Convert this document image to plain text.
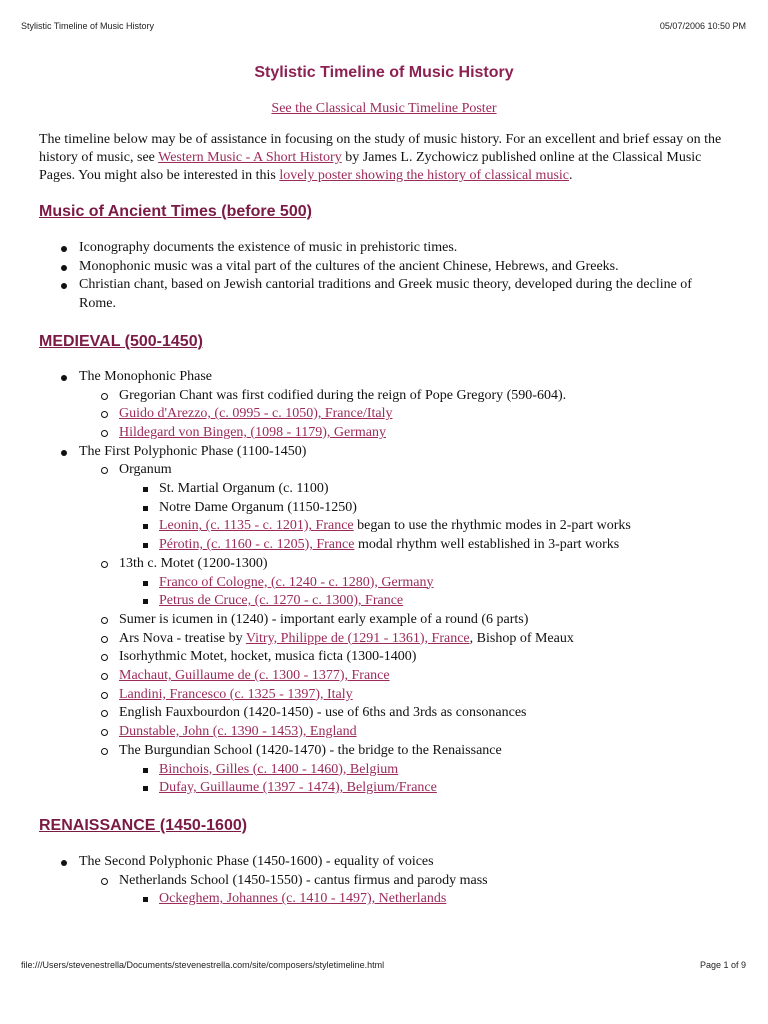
Stylistic Timeline of Music History	05/07/2006 10:50 PM
Stylistic Timeline of Music History
See the Classical Music Timeline Poster

The timeline below may be of assistance in focusing on the study of music history. For an excellent and brief essay on the history of music, see Western Music - A Short History by James L. Zychowicz published online at the Classical Music Pages. You might also be interested in this lovely poster showing the history of classical music.

Music of Ancient Times (before 500)
Iconography documents the existence of music in prehistoric times.
Monophonic music was a vital part of the cultures of the ancient Chinese, Hebrews, and Greeks.
Christian chant, based on Jewish cantorial traditions and Greek music theory, developed during the decline of Rome.
MEDIEVAL (500-1450)
The Monophonic Phase
Gregorian Chant was first codified during the reign of Pope Gregory (590-604).
Guido d'Arezzo, (c. 0995 - c. 1050), France/Italy
Hildegard von Bingen, (1098 - 1179), Germany
The First Polyphonic Phase (1100-1450)
Organum
St. Martial Organum (c. 1100)
Notre Dame Organum (1150-1250)
Leonin, (c. 1135 - c. 1201), France began to use the rhythmic modes in 2-part works
Pérotin, (c. 1160 - c. 1205), France modal rhythm well established in 3-part works
13th c. Motet (1200-1300)
Franco of Cologne, (c. 1240 - c. 1280), Germany
Petrus de Cruce, (c. 1270 - c. 1300), France
Sumer is icumen in (1240) - important early example of a round (6 parts)
Ars Nova - treatise by Vitry, Philippe de (1291 - 1361), France, Bishop of Meaux
Isorhythmic Motet, hocket, musica ficta (1300-1400)
Machaut, Guillaume de (c. 1300 - 1377), France
Landini, Francesco (c. 1325 - 1397), Italy
English Fauxbourdon (1420-1450) - use of 6ths and 3rds as consonances
Dunstable, John (c. 1390 - 1453), England
The Burgundian School (1420-1470) - the bridge to the Renaissance
Binchois, Gilles (c. 1400 - 1460), Belgium
Dufay, Guillaume (1397 - 1474), Belgium/France
RENAISSANCE (1450-1600)
The Second Polyphonic Phase (1450-1600) - equality of voices
Netherlands School (1450-1550) - cantus firmus and parody mass
Ockeghem, Johannes (c. 1410 - 1497), Netherlands
file:///Users/stevenestrella/Documents/stevenestrella.com/site/composers/styletimeline.html	Page 1 of 9
